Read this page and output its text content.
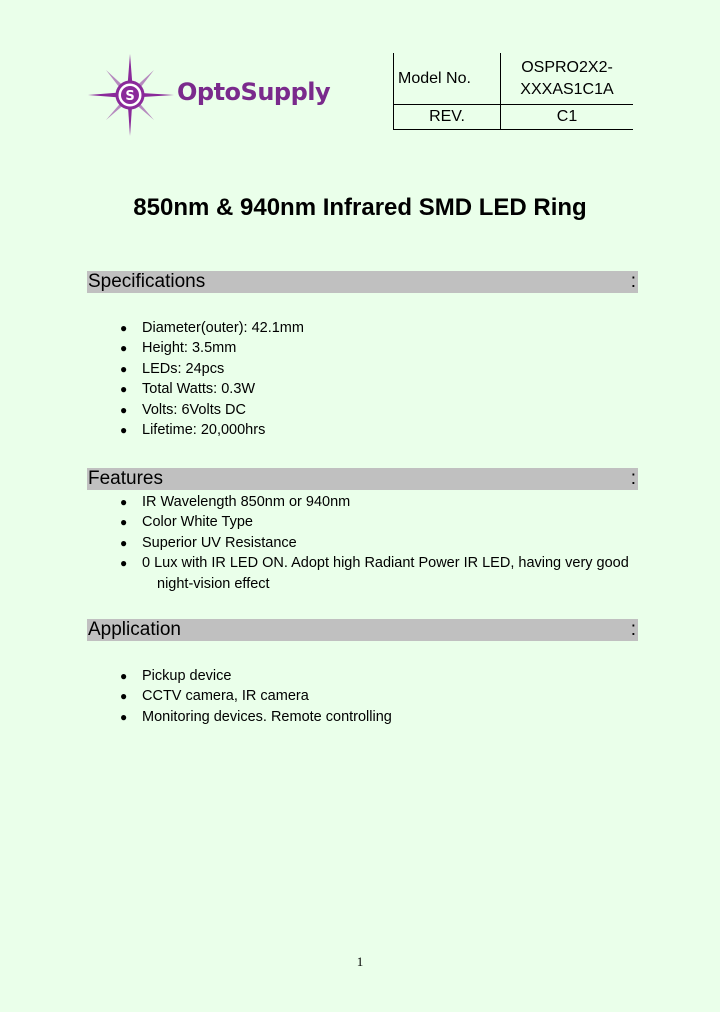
S OptoSupply	Model No.	OSPRO2X2-
XXXAS1C1A
REV.	C1
850nm & 940nm Infrared SMD LED Ring
Specifications	:
● Diameter(outer): 42.1mm
● Height: 3.5mm
● LEDs: 24pcs
● Total Watts: 0.3W
● Volts: 6Volts DC
● Lifetime: 20,000hrs
Features	:
● IR Wavelength 850nm or 940nm
● Color White Type
● Superior UV Resistance
● 0 Lux with IR LED ON. Adopt high Radiant Power IR LED, having very good
night-vision effect
Application	:
● Pickup device
● CCTV camera, IR camera
● Monitoring devices. Remote controlling
1
